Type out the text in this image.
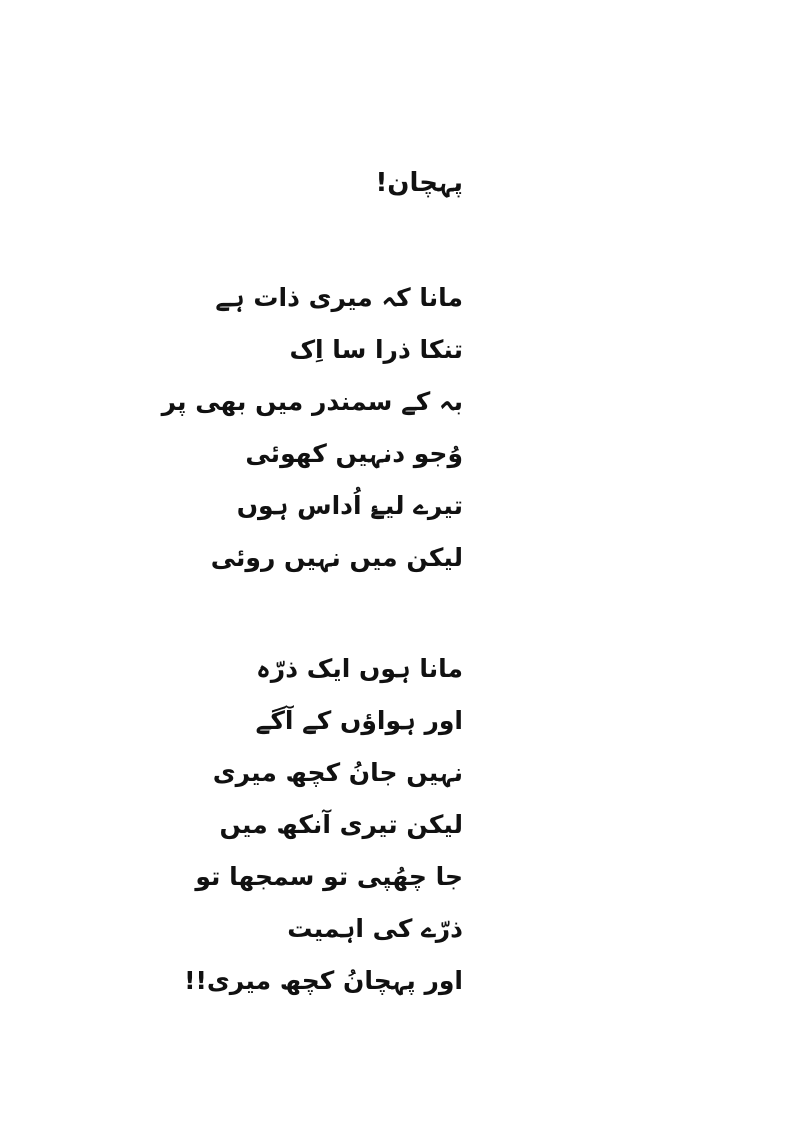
پہچان!
مانا کہ میری ذات ہے
تنکا ذرا سا اِک
بہ کے سمندر میں بھی پر
وُجو دنہیں کھوئی
تیرے لیۓ اُداس ہوں
لیکن میں نہیں روئی
مانا ہوں ایک ذرّہ
اور ہواؤں کے آگے
نہیں جانُ کچھ میری
لیکن تیری آنکھ میں
جا چھُپی تو سمجھا تو
ذرّے کی اہمیت
اور پہچانُ کچھ میری!!
